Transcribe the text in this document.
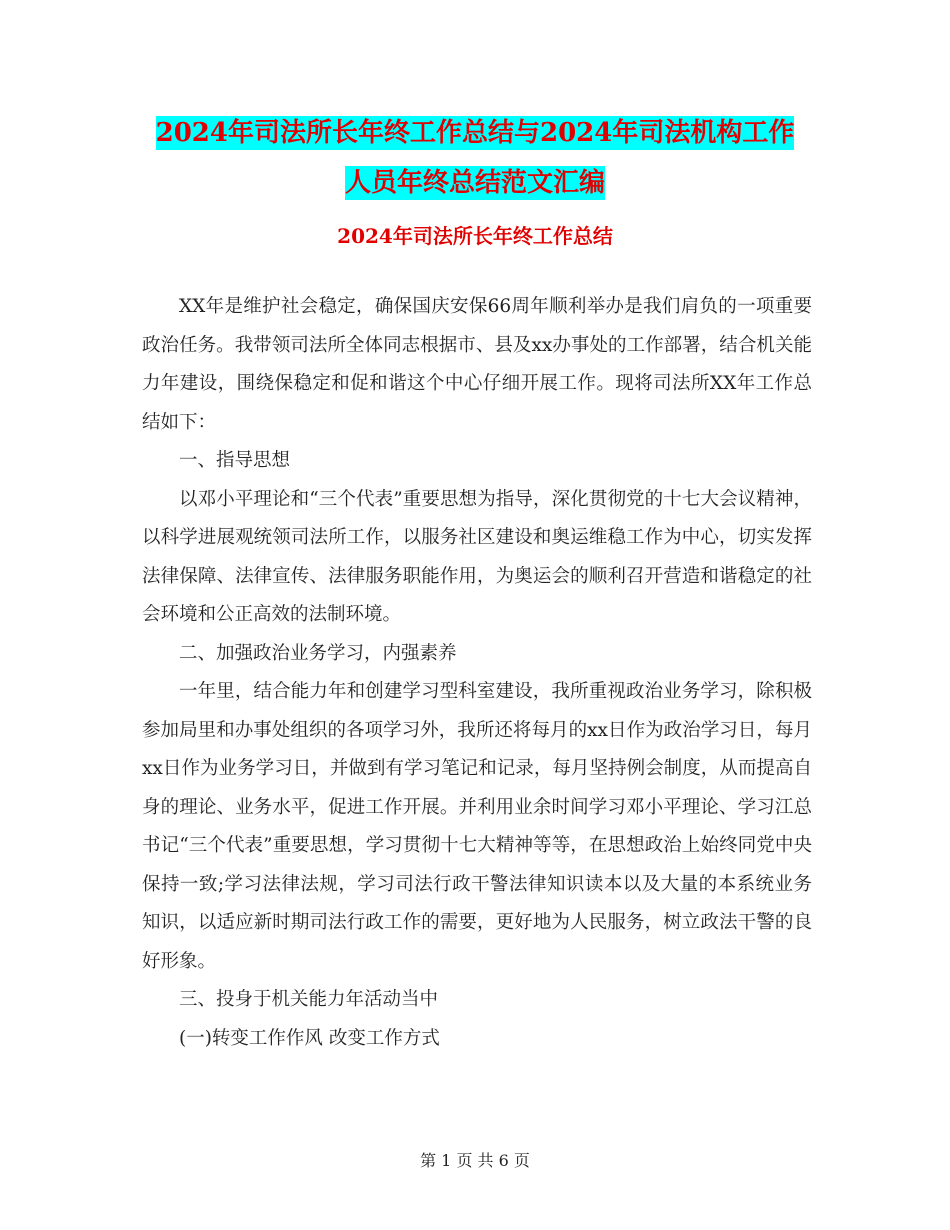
2024年司法所长年终工作总结与2024年司法机构工作
人员年终总结范文汇编
2024年司法所长年终工作总结

XX年是维护社会稳定，确保国庆安保66周年顺利举办是我们肩负的一项重要政治任务。我带领司法所全体同志根据市、县及xx办事处的工作部署，结合机关能力年建设，围绕保稳定和促和谐这个中心仔细开展工作。现将司法所XX年工作总结如下：

一、指导思想

以邓小平理论和“三个代表”重要思想为指导，深化贯彻党的十七大会议精神，以科学进展观统领司法所工作，以服务社区建设和奥运维稳工作为中心，切实发挥法律保障、法律宣传、法律服务职能作用，为奥运会的顺利召开营造和谐稳定的社会环境和公正高效的法制环境。

二、加强政治业务学习，内强素养

一年里，结合能力年和创建学习型科室建设，我所重视政治业务学习，除积极参加局里和办事处组织的各项学习外，我所还将每月的xx日作为政治学习日，每月xx日作为业务学习日，并做到有学习笔记和记录，每月坚持例会制度，从而提高自身的理论、业务水平，促进工作开展。并利用业余时间学习邓小平理论、学习江总书记“三个代表”重要思想，学习贯彻十七大精神等等，在思想政治上始终同党中央保持一致;学习法律法规，学习司法行政干警法律知识读本以及大量的本系统业务知识，以适应新时期司法行政工作的需要，更好地为人民服务，树立政法干警的良好形象。

三、投身于机关能力年活动当中

(一)转变工作作风 改变工作方式

第 1 页 共 6 页
